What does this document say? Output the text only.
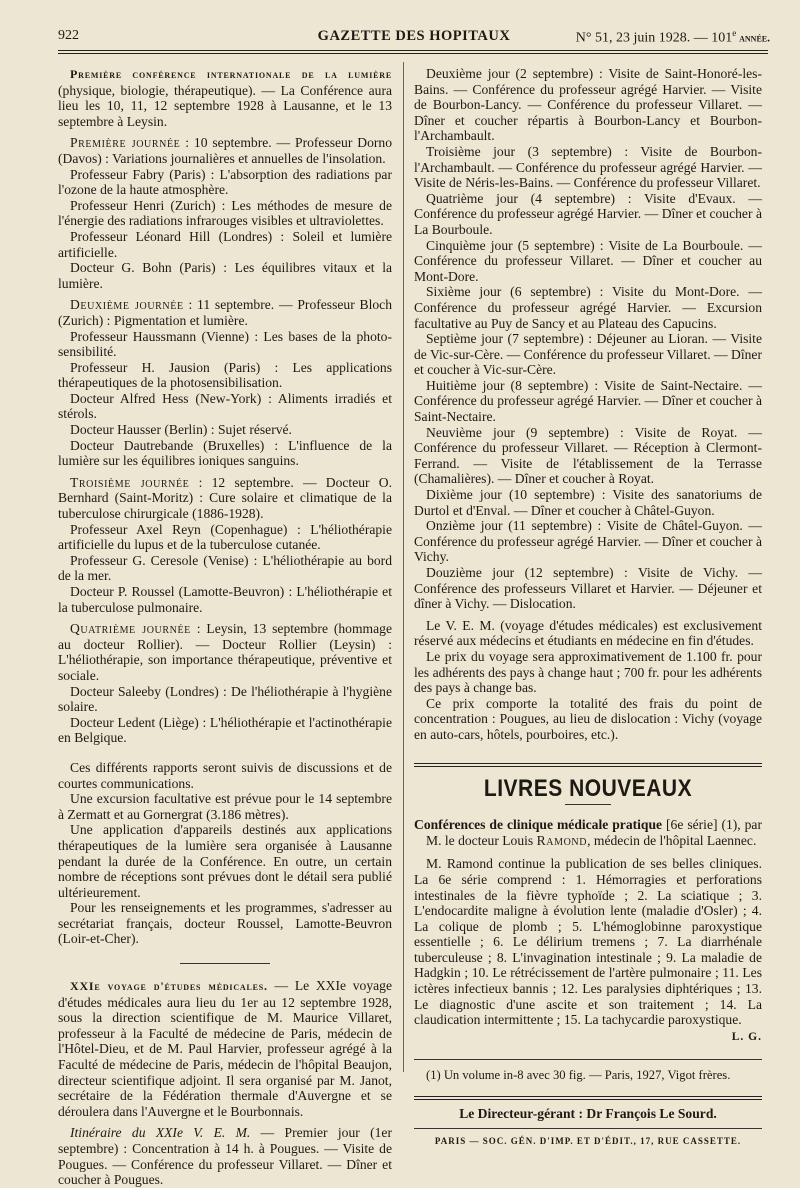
922	GAZETTE DES HOPITAUX	N° 51, 23 juin 1928. — 101e année.

Première conférence internationale de la lumière (physique, biologie, thérapeutique). — La Conférence aura lieu les 10, 11, 12 septembre 1928 à Lausanne, et le 13 septembre à Leysin.

Première journée : 10 septembre. — Professeur Dorno (Davos) : Variations journalières et annuelles de l'insolation.

Professeur Fabry (Paris) : L'absorption des radiations par l'ozone de la haute atmosphère.

Professeur Henri (Zurich) : Les méthodes de mesure de l'énergie des radiations infrarouges visibles et ultraviolettes.

Professeur Léonard Hill (Londres) : Soleil et lumière artificielle.

Docteur G. Bohn (Paris) : Les équilibres vitaux et la lumière.

Deuxième journée : 11 septembre. — Professeur Bloch (Zurich) : Pigmentation et lumière.

Professeur Haussmann (Vienne) : Les bases de la photo-sensibilité.

Professeur H. Jausion (Paris) : Les applications thérapeutiques de la photosensibilisation.

Docteur Alfred Hess (New-York) : Aliments irradiés et stérols.

Docteur Hausser (Berlin) : Sujet réservé.

Docteur Dautrebande (Bruxelles) : L'influence de la lumière sur les équilibres ioniques sanguins.

Troisième journée : 12 septembre. — Docteur O. Bernhard (Saint-Moritz) : Cure solaire et climatique de la tuberculose chirurgicale (1886-1928).

Professeur Axel Reyn (Copenhague) : L'héliothérapie artificielle du lupus et de la tuberculose cutanée.

Professeur G. Ceresole (Venise) : L'héliothérapie au bord de la mer.

Docteur P. Roussel (Lamotte-Beuvron) : L'héliothérapie et la tuberculose pulmonaire.

Quatrième journée : Leysin, 13 septembre (hommage au docteur Rollier). — Docteur Rollier (Leysin) : L'héliothérapie, son importance thérapeutique, préventive et sociale.

Docteur Saleeby (Londres) : De l'héliothérapie à l'hygiène solaire.

Docteur Ledent (Liège) : L'héliothérapie et l'actinothérapie en Belgique.

Ces différents rapports seront suivis de discussions et de courtes communications.

Une excursion facultative est prévue pour le 14 septembre à Zermatt et au Gornergrat (3.186 mètres).

Une application d'appareils destinés aux applications thérapeutiques de la lumière sera organisée à Lausanne pendant la durée de la Conférence. En outre, un certain nombre de réceptions sont prévues dont le détail sera publié ultérieurement.

Pour les renseignements et les programmes, s'adresser au secrétariat français, docteur Roussel, Lamotte-Beuvron (Loir-et-Cher).

XXIe voyage d'études médicales. — Le XXIe voyage d'études médicales aura lieu du 1er au 12 septembre 1928, sous la direction scientifique de M. Maurice Villaret, professeur à la Faculté de médecine de Paris, médecin de l'Hôtel-Dieu, et de M. Paul Harvier, professeur agrégé à la Faculté de médecine de Paris, médecin de l'hôpital Beaujon, directeur scientifique adjoint. Il sera organisé par M. Janot, secrétaire de la Fédération thermale d'Auvergne et se déroulera dans l'Auvergne et le Bourbonnais.

Itinéraire du XXIe V. E. M. — Premier jour (1er septembre) : Concentration à 14 h. à Pougues. — Visite de Pougues. — Conférence du professeur Villaret. — Dîner et coucher à Pougues.

Deuxième jour (2 septembre) : Visite de Saint-Honoré-les-Bains. — Conférence du professeur agrégé Harvier. — Visite de Bourbon-Lancy. — Conférence du professeur Villaret. — Dîner et coucher répartis à Bourbon-Lancy et Bourbon-l'Archambault.

Troisième jour (3 septembre) : Visite de Bourbon-l'Archambault. — Conférence du professeur agrégé Harvier. — Visite de Néris-les-Bains. — Conférence du professeur Villaret.

Quatrième jour (4 septembre) : Visite d'Evaux. — Conférence du professeur agrégé Harvier. — Dîner et coucher à La Bourboule.

Cinquième jour (5 septembre) : Visite de La Bourboule. — Conférence du professeur Villaret. — Dîner et coucher au Mont-Dore.

Sixième jour (6 septembre) : Visite du Mont-Dore. — Conférence du professeur agrégé Harvier. — Excursion facultative au Puy de Sancy et au Plateau des Capucins.

Septième jour (7 septembre) : Déjeuner au Lioran. — Visite de Vic-sur-Cère. — Conférence du professeur Villaret. — Dîner et coucher à Vic-sur-Cère.

Huitième jour (8 septembre) : Visite de Saint-Nectaire. — Conférence du professeur agrégé Harvier. — Dîner et coucher à Saint-Nectaire.

Neuvième jour (9 septembre) : Visite de Royat. — Conférence du professeur Villaret. — Réception à Clermont-Ferrand. — Visite de l'établissement de la Terrasse (Chamalières). — Dîner et coucher à Royat.

Dixième jour (10 septembre) : Visite des sanatoriums de Durtol et d'Enval. — Dîner et coucher à Châtel-Guyon.

Onzième jour (11 septembre) : Visite de Châtel-Guyon. — Conférence du professeur agrégé Harvier. — Dîner et coucher à Vichy.

Douzième jour (12 septembre) : Visite de Vichy. — Conférence des professeurs Villaret et Harvier. — Déjeuner et dîner à Vichy. — Dislocation.

Le V. E. M. (voyage d'études médicales) est exclusivement réservé aux médecins et étudiants en médecine en fin d'études.

Le prix du voyage sera approximativement de 1.100 fr. pour les adhérents des pays à change haut ; 700 fr. pour les adhérents des pays à change bas.

Ce prix comporte la totalité des frais du point de concentration : Pougues, au lieu de dislocation : Vichy (voyage en auto-cars, hôtels, pourboires, etc.).

LIVRES NOUVEAUX

Conférences de clinique médicale pratique [6e série] (1), par M. le docteur Louis Ramond, médecin de l'hôpital Laennec.

M. Ramond continue la publication de ses belles cliniques. La 6e série comprend : 1. Hémorragies et perforations intestinales de la fièvre typhoïde ; 2. La sciatique ; 3. L'endocardite maligne à évolution lente (maladie d'Osler) ; 4. La colique de plomb ; 5. L'hémoglobinne paroxystique essentielle ; 6. Le délirium tremens ; 7. La diarrhénale tuberculeuse ; 8. L'invagination intestinale ; 9. La maladie de Hadgkin ; 10. Le rétrécissement de l'artère pulmonaire ; 11. Les ictères infectieux bannis ; 12. Les paralysies diphtériques ; 13. Le diagnostic d'une ascite et son traitement ; 14. La claudication intermittente ; 15. La tachycardie paroxystique.

L. G.

(1) Un volume in-8 avec 30 fig. — Paris, 1927, Vigot frères.

Le Directeur-gérant : Dr François Le Sourd.
PARIS — SOC. GÉN. D'IMP. ET D'ÉDIT., 17, RUE CASSETTE.
